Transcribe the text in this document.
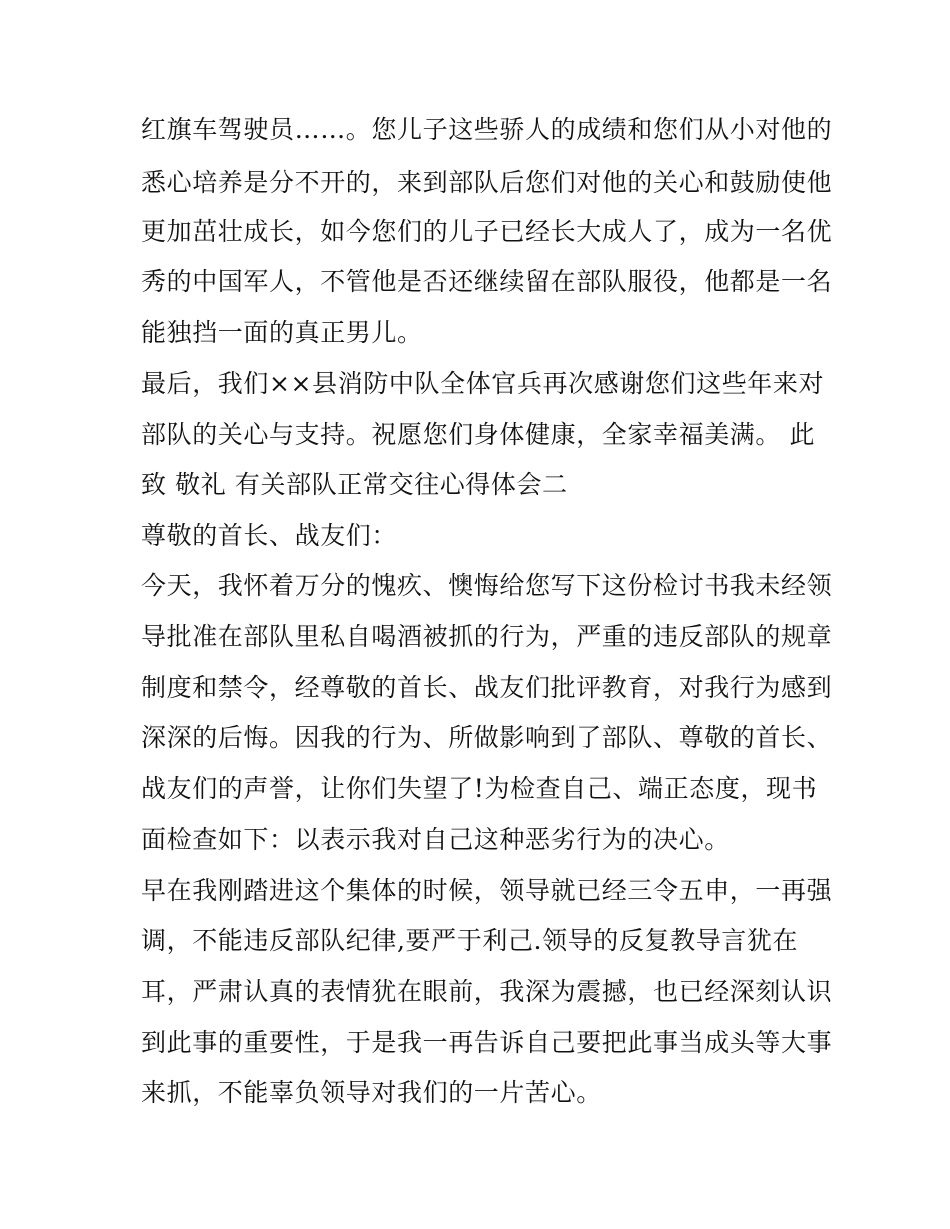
红旗车驾驶员……。您儿子这些骄人的成绩和您们从小对他的
悉心培养是分不开的，来到部队后您们对他的关心和鼓励使他
更加茁壮成长，如今您们的儿子已经长大成人了，成为一名优
秀的中国军人，不管他是否还继续留在部队服役，他都是一名
能独挡一面的真正男儿。
最后，我们××县消防中队全体官兵再次感谢您们这些年来对
部队的关心与支持。祝愿您们身体健康，全家幸福美满。 此
致 敬礼 有关部队正常交往心得体会二
尊敬的首长、战友们：
今天，我怀着万分的愧疚、懊悔给您写下这份检讨书我未经领
导批准在部队里私自喝酒被抓的行为，严重的违反部队的规章
制度和禁令，经尊敬的首长、战友们批评教育，对我行为感到
深深的后悔。因我的行为、所做影响到了部队、尊敬的首长、
战友们的声誉，让你们失望了!为检查自己、端正态度，现书
面检查如下：以表示我对自己这种恶劣行为的决心。
早在我刚踏进这个集体的时候，领导就已经三令五申，一再强
调，不能违反部队纪律,要严于利己.领导的反复教导言犹在
耳，严肃认真的表情犹在眼前，我深为震撼，也已经深刻认识
到此事的重要性，于是我一再告诉自己要把此事当成头等大事
来抓，不能辜负领导对我们的一片苦心。
